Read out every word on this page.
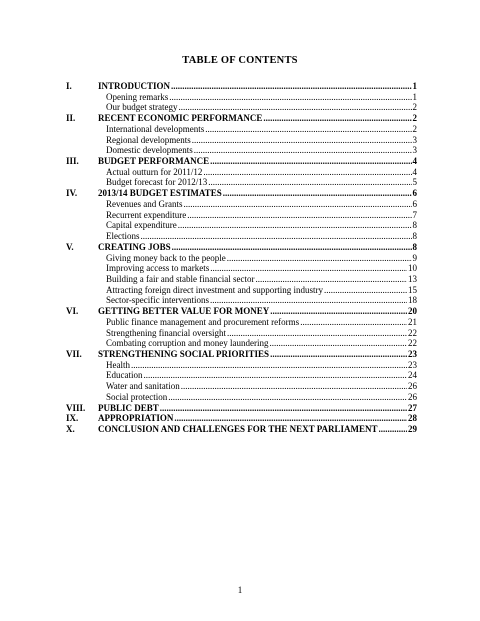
TABLE OF CONTENTS
I.	INTRODUCTION .....	1
Opening remarks .....	1
Our budget strategy .....	2
II.	RECENT ECONOMIC PERFORMANCE .....	2
International developments .....	2
Regional developments .....	3
Domestic developments .....	3
III.	BUDGET PERFORMANCE .....	4
Actual outturn for 2011/12 .....	4
Budget forecast for 2012/13 .....	5
IV.	2013/14 BUDGET ESTIMATES .....	6
Revenues and Grants .....	6
Recurrent expenditure .....	7
Capital expenditure .....	8
Elections .....	8
V.	CREATING JOBS .....	8
Giving money back to the people .....	9
Improving access to markets .....	10
Building a fair and stable financial sector .....	13
Attracting foreign direct investment and supporting industry .....	15
Sector-specific interventions .....	18
VI.	GETTING BETTER VALUE FOR MONEY .....	20
Public finance management and procurement reforms .....	21
Strengthening financial oversight .....	22
Combating corruption and money laundering .....	22
VII.	STRENGTHENING SOCIAL PRIORITIES .....	23
Health .....	23
Education .....	24
Water and sanitation .....	26
Social protection .....	26
VIII.	PUBLIC DEBT .....	27
IX.	APPROPRIATION .....	28
X.	CONCLUSION AND CHALLENGES FOR THE NEXT PARLIAMENT .....	29
1
